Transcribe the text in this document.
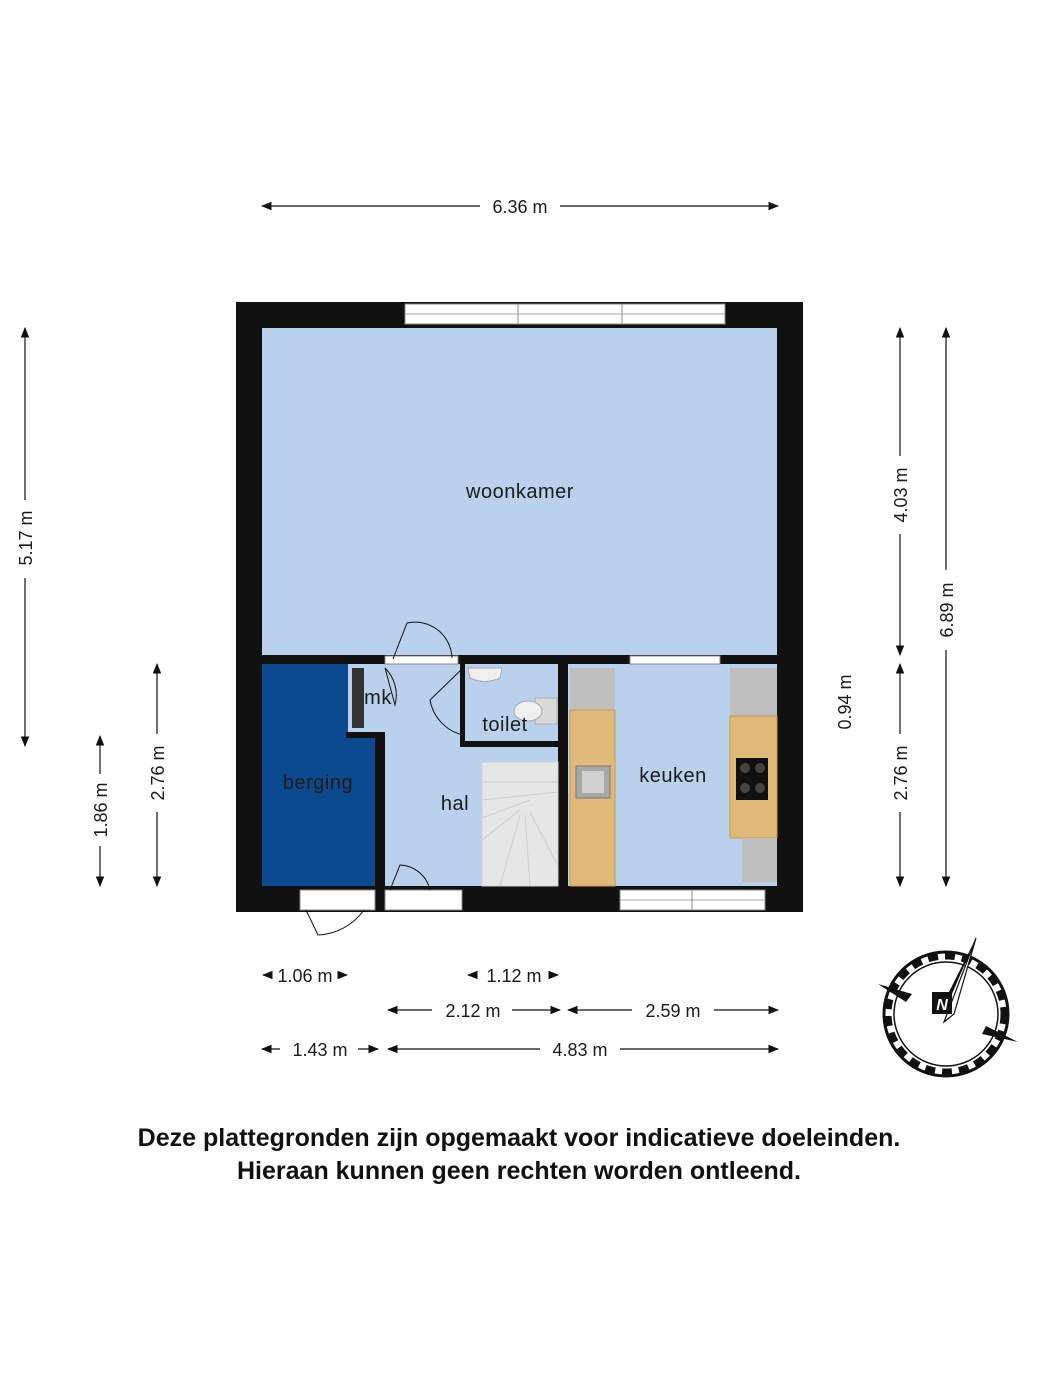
woonkamer
berging
mk
toilet
hal
keuken
6.36 m
1.06 m	1.12 m
2.12 m	2.59 m
1.43 m	4.83 m
5.17 m
1.86 m
2.76 m
4.03 m
2.76 m
6.89 m
0.94 m
N
Deze plattegronden zijn opgemaakt voor indicatieve doeleinden.
Hieraan kunnen geen rechten worden ontleend.
